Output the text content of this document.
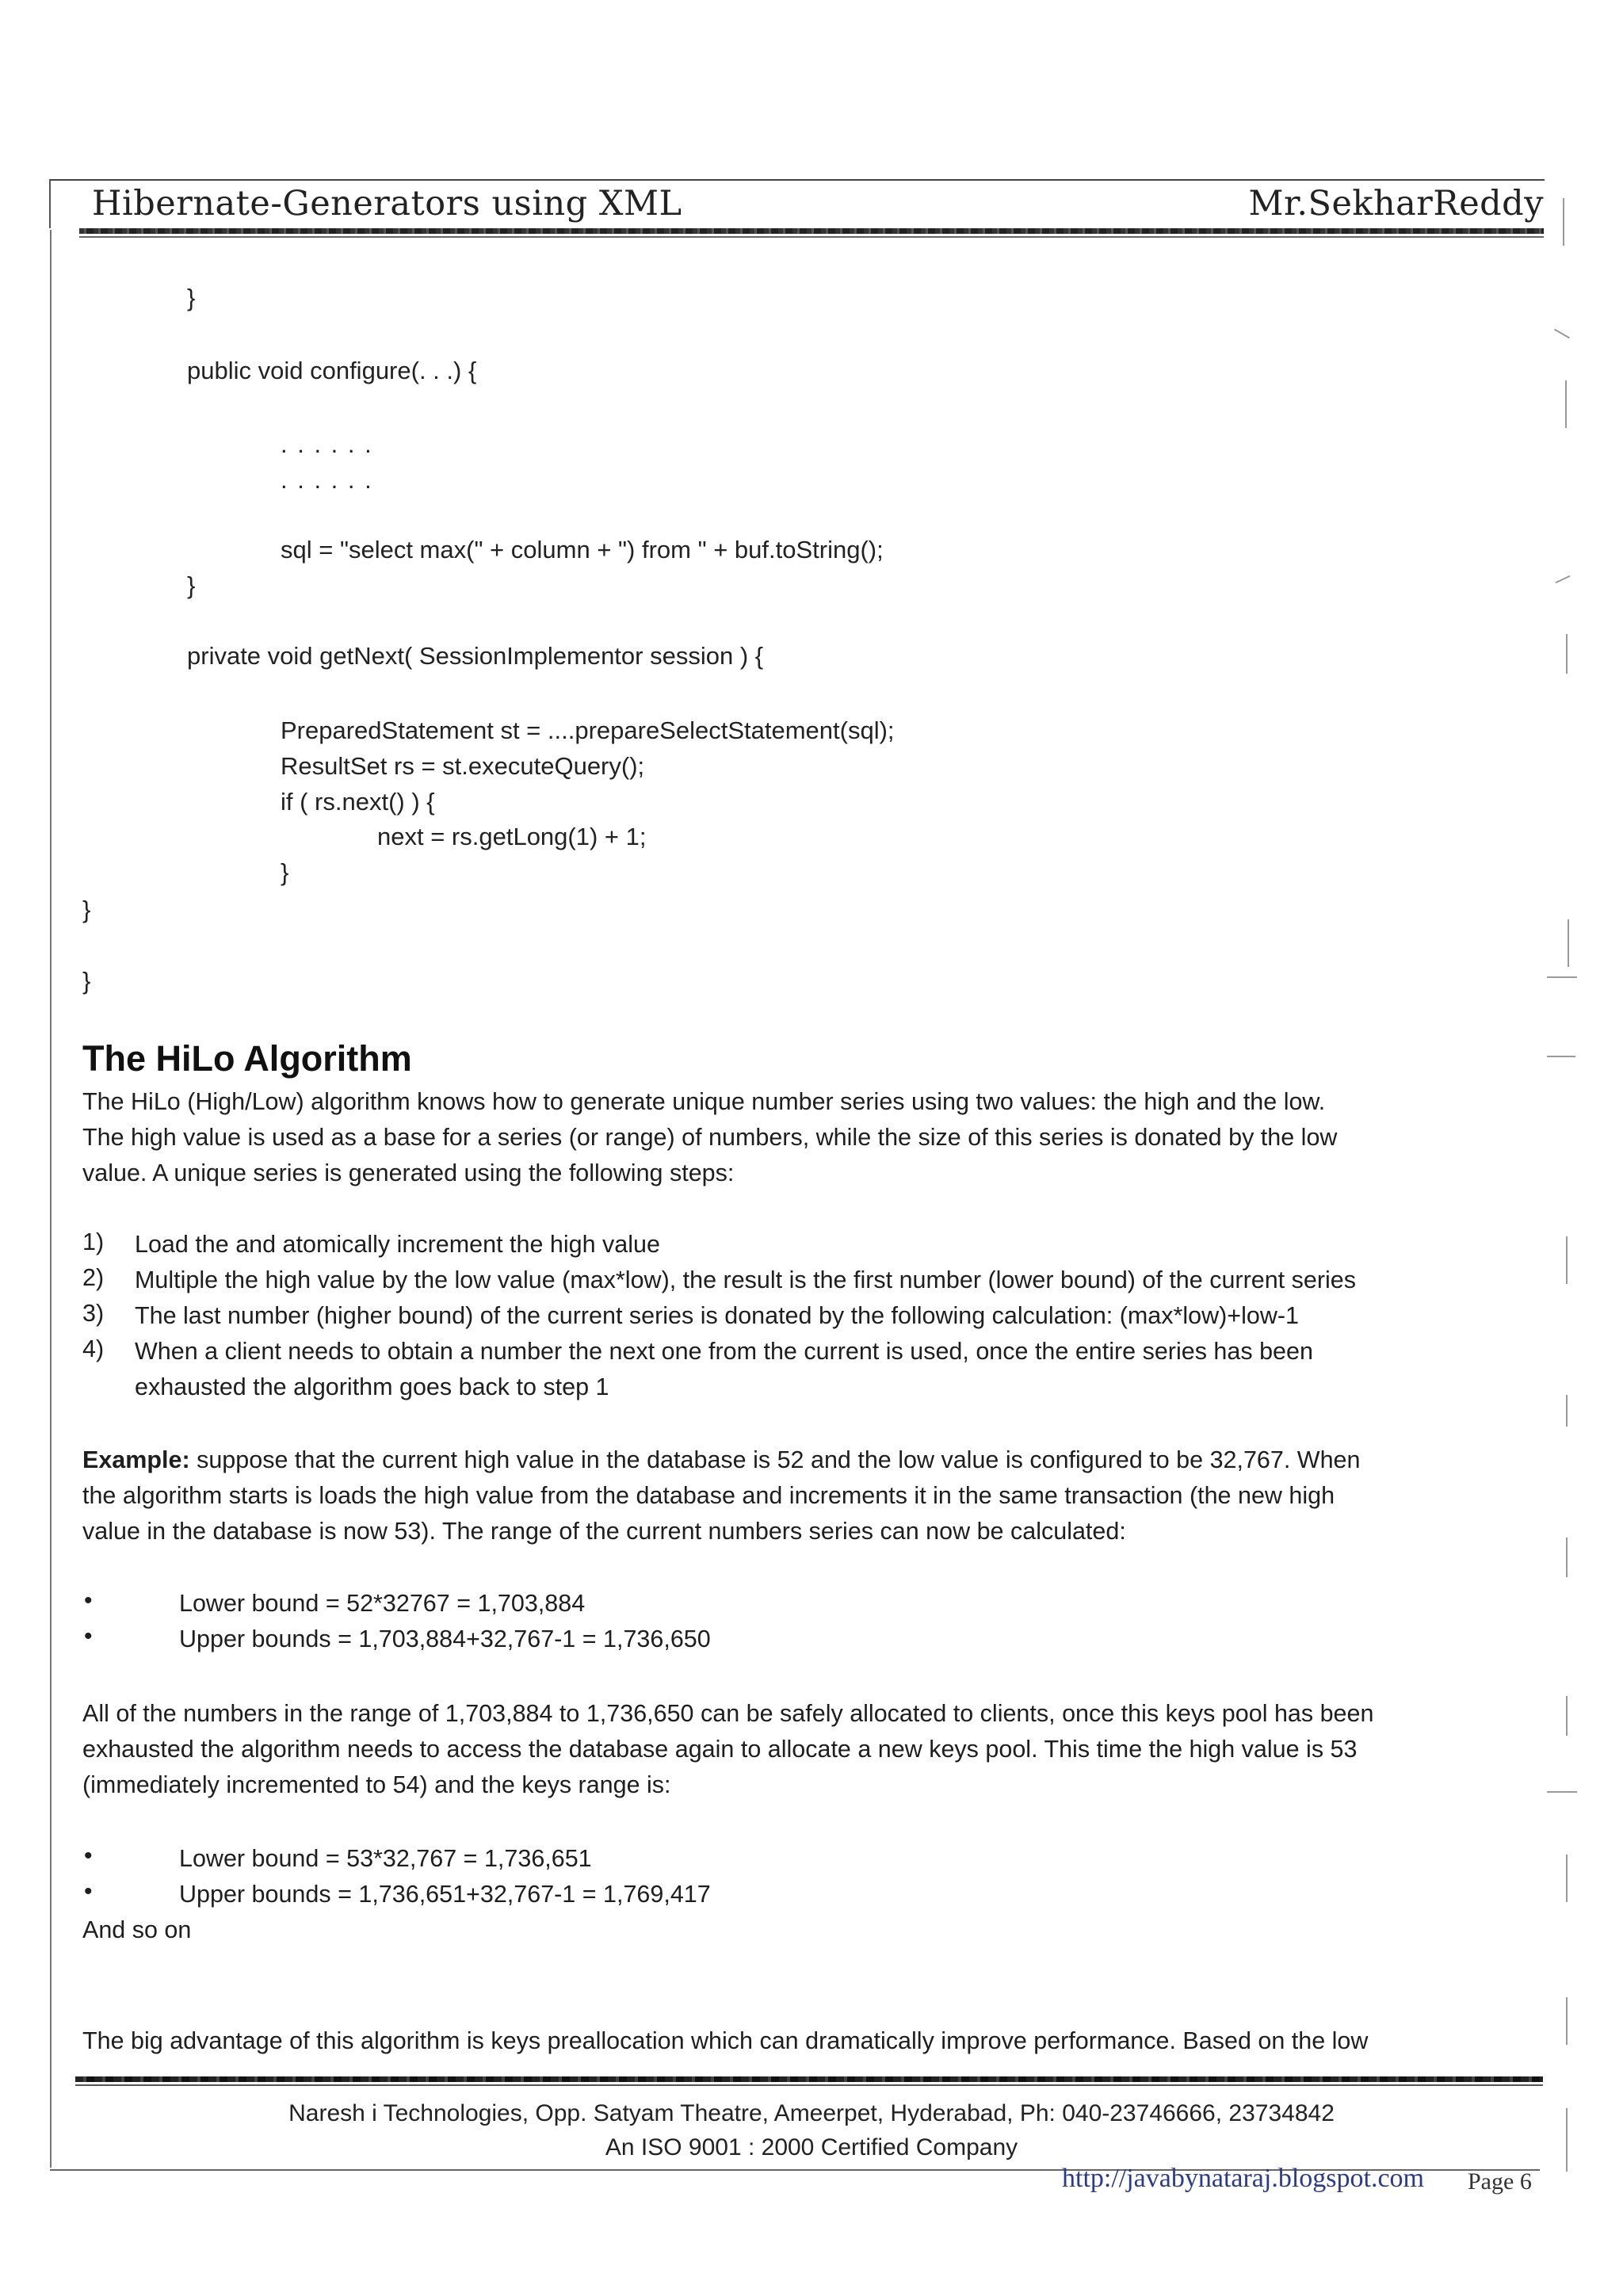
Hibernate-Generators using XML	Mr.SekharReddy
}
public void configure(. . .) {
. . . . . .
. . . . . .
sql = "select max(" + column + ") from " + buf.toString();
}
private void getNext( SessionImplementor session ) {
PreparedStatement st = ....prepareSelectStatement(sql);
ResultSet rs = st.executeQuery();
if ( rs.next() ) {
next = rs.getLong(1) + 1;
}
}
}
The HiLo Algorithm
The HiLo (High/Low) algorithm knows how to generate unique number series using two values: the high and the low.
The high value is used as a base for a series (or range) of numbers, while the size of this series is donated by the low
value. A unique series is generated using the following steps:
1) Load the and atomically increment the high value
2) Multiple the high value by the low value (max*low), the result is the first number (lower bound) of the current series
3) The last number (higher bound) of the current series is donated by the following calculation: (max*low)+low-1
4) When a client needs to obtain a number the next one from the current is used, once the entire series has been
exhausted the algorithm goes back to step 1
Example: suppose that the current high value in the database is 52 and the low value is configured to be 32,767. When
the algorithm starts is loads the high value from the database and increments it in the same transaction (the new high
value in the database is now 53). The range of the current numbers series can now be calculated:
•	Lower bound = 52*32767 = 1,703,884
•	Upper bounds = 1,703,884+32,767-1 = 1,736,650
All of the numbers in the range of 1,703,884 to 1,736,650 can be safely allocated to clients, once this keys pool has been
exhausted the algorithm needs to access the database again to allocate a new keys pool. This time the high value is 53
(immediately incremented to 54) and the keys range is:
•	Lower bound = 53*32,767 = 1,736,651
•	Upper bounds = 1,736,651+32,767-1 = 1,769,417
And so on
The big advantage of this algorithm is keys preallocation which can dramatically improve performance. Based on the low
Naresh i Technologies, Opp. Satyam Theatre, Ameerpet, Hyderabad, Ph: 040-23746666, 23734842
An ISO 9001 : 2000 Certified Company
http://javabynataraj.blogspot.com Page 6
